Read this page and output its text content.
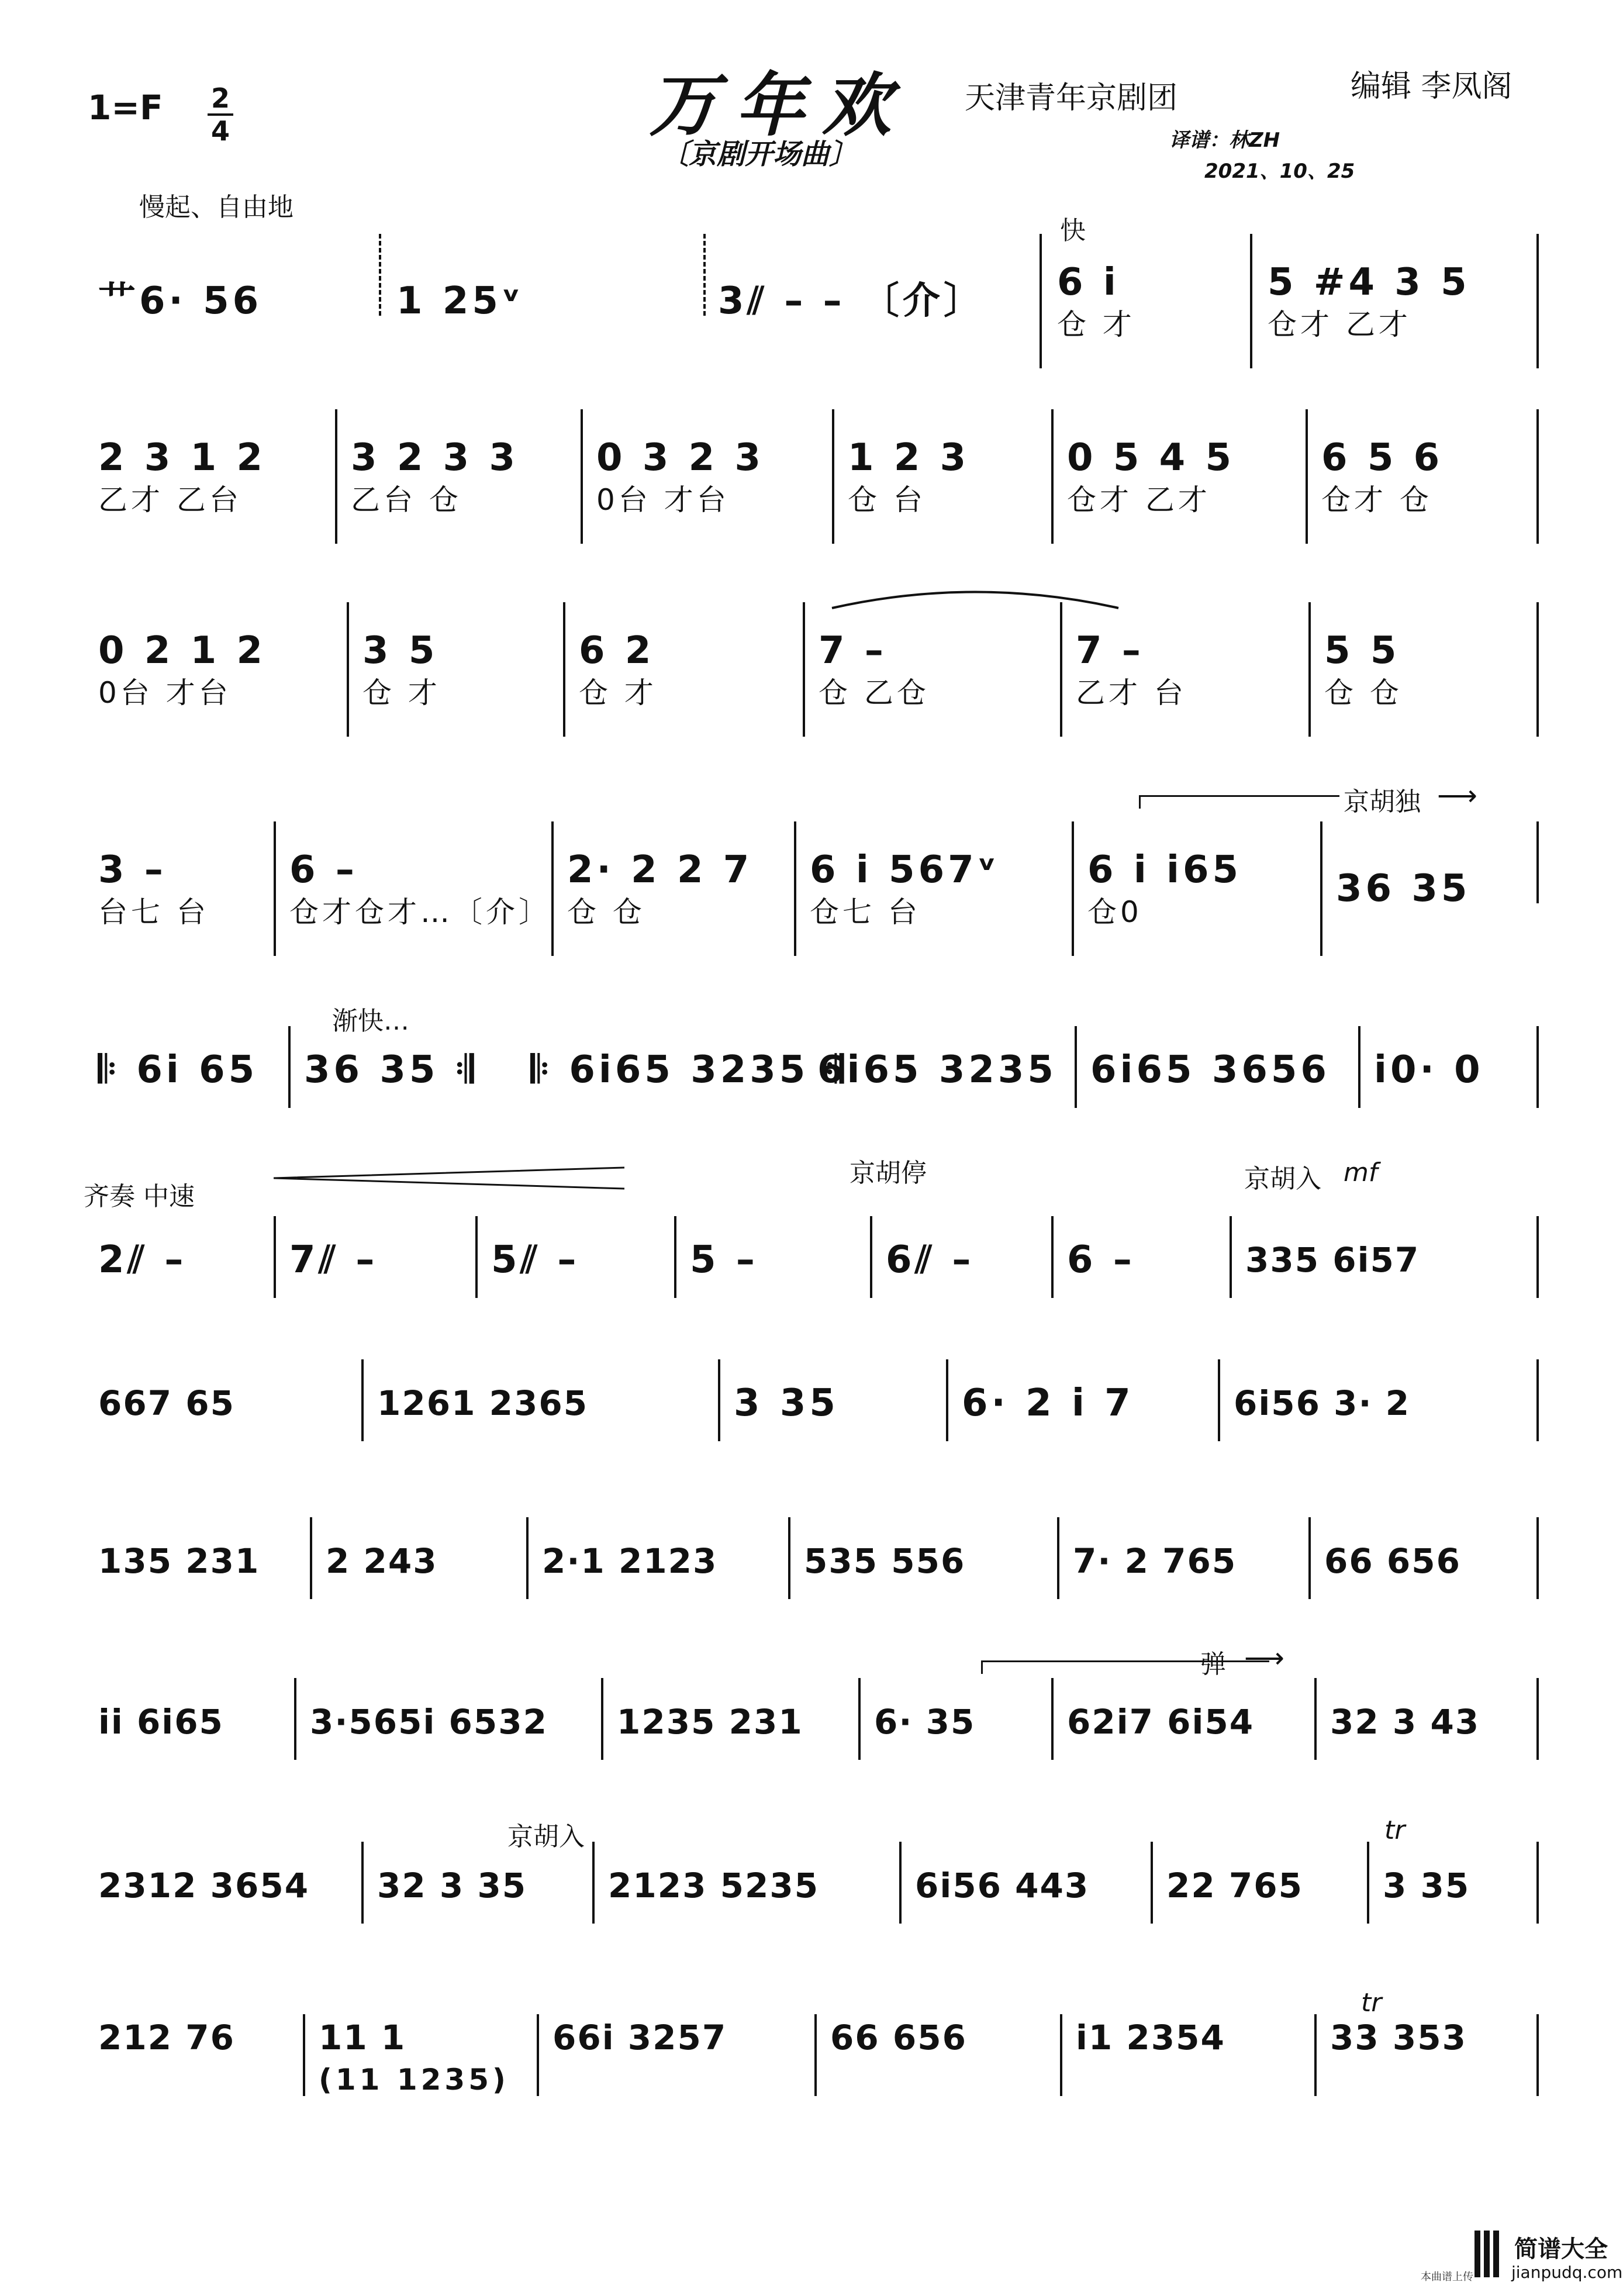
1=F 2
4	万年欢
〔京剧开场曲〕
天津青年京剧团	编辑 李凤阁
译谱：林ZH
2021、10、25
慢起、自由地
快
艹6· 56	1 25ᵛ	3⫽ – – 〔介〕	6 i
仓 才
5 #4 3 5
仓才 乙才
2 3 1 2
乙才 乙台
3 2 3 3
乙台 仓
0 3 2 3
0台 才台
1 2 3
仓 台
0 5 4 5
仓才 乙才
6 5 6
仓才 仓
0 2 1 2
0台 才台
3 5
仓 才
6 2
仓 才
7 –
仓 乙仓
7 –
乙才 台
5 5
仓 仓
京胡独 ⟶
3 –
台七 台
6 –
仓才仓才…〔介〕
2· 2 2 7
仓 仓
6 i 567ᵛ
仓七 台
6 i i65
仓0
36 35
渐快…
𝄆 6i 65	36 35 𝄇	𝄆 6i65 3235 𝄇
6i65 3235 6i65 3656	i0· 0
齐奏 中速
京胡停	京胡入 mf
2⫽ –	7⫽ –	5⫽ –	5 –	6⫽ –	6 –	335 6i57
667 65	1261 2365	3 35	6· 2 i 7	6i56 3· 2
135 231	2 243	2·1 2123	535 556	7· 2 765	66 656
弹 ⟶
ii 6i65	3·565i 6532	1235 231	6· 35	62i7 6i54	32 3 43
京胡入	tr
2312 3654	32 3 35	2123 5235	6i56 443	22 765	3 35
tr
212 76	11 1
(11 1235)
66i 3257	66 656	i1 2354	33 353
本曲谱上传
简谱大全
jianpudq.com
